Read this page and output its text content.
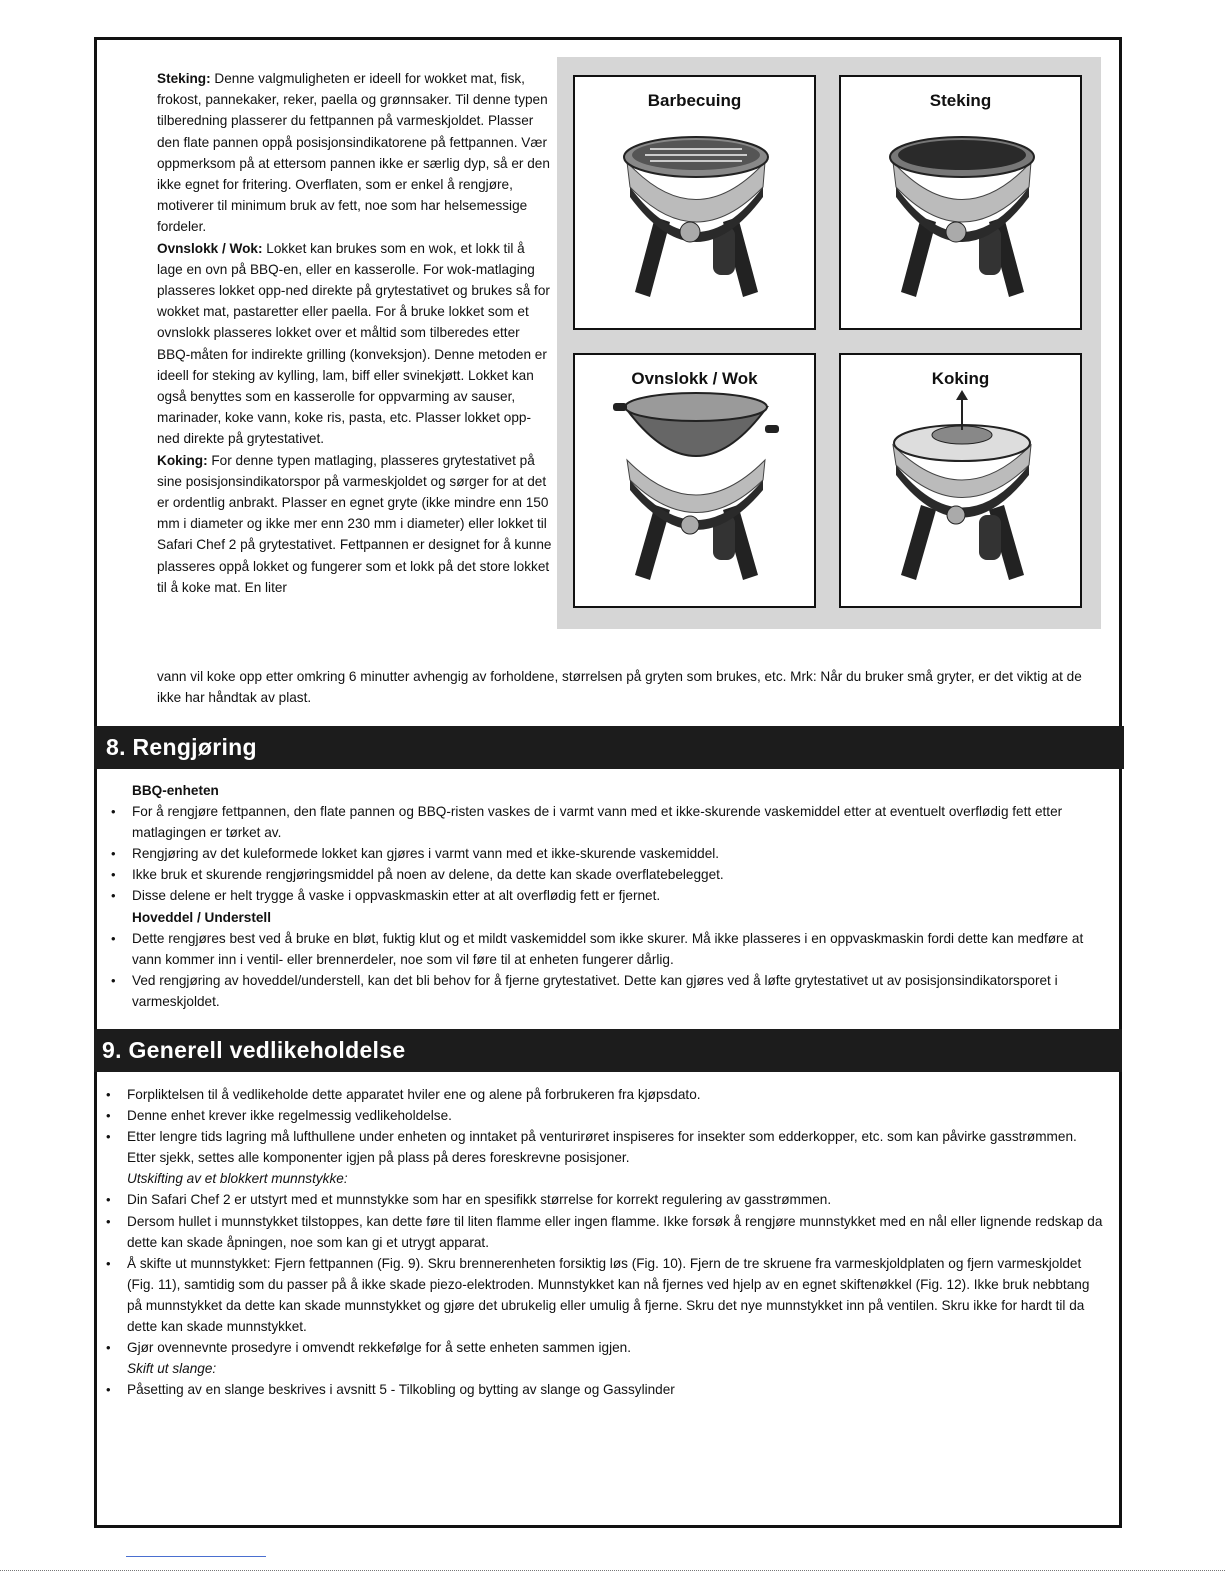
Steking: Denne valgmuligheten er ideell for wokket mat, fisk, frokost, pannekaker, reker, paella og grønnsaker. Til denne typen tilberedning plasserer du fettpannen på varmeskjoldet. Plasser den flate pannen oppå posisjonsindikatorene på fettpannen. Vær oppmerksom på at ettersom pannen ikke er særlig dyp, så er den ikke egnet for fritering. Overflaten, som er enkel å rengjøre, motiverer til minimum bruk av fett, noe som har helsemessige fordeler.

Ovnslokk / Wok: Lokket kan brukes som en wok, et lokk til å lage en ovn på BBQ-en, eller en kasserolle. For wok-matlaging plasseres lokket opp-ned direkte på grytestativet og brukes så for wokket mat, pastaretter eller paella. For å bruke lokket som et ovnslokk plasseres lokket over et måltid som tilberedes etter BBQ-måten for indirekte grilling (konveksjon). Denne metoden er ideell for steking av kylling, lam, biff eller svinekjøtt. Lokket kan også benyttes som en kasserolle for oppvarming av sauser, marinader, koke vann, koke ris, pasta, etc. Plasser lokket opp-ned direkte på grytestativet.

Koking: For denne typen matlaging, plasseres grytestativet på sine posisjonsindikatorspor på varmeskjoldet og sørger for at det er ordentlig anbrakt. Plasser en egnet gryte (ikke mindre enn 150 mm i diameter og ikke mer enn 230 mm i diameter) eller lokket til Safari Chef 2 på grytestativet. Fettpannen er designet for å kunne plasseres oppå lokket og fungerer som et lokk på det store lokket til å koke mat. En liter

vann vil koke opp etter omkring 6 minutter avhengig av forholdene, størrelsen på gryten som brukes, etc. Mrk: Når du bruker små gryter, er det viktig at de ikke har håndtak av plast.
Barbecuing	Steking
Ovnslokk / Wok	Koking
8. Rengjøring
BBQ-enheten
• For å rengjøre fettpannen, den flate pannen og BBQ-risten vaskes de i varmt vann med et ikke-skurende vaskemiddel etter at eventuelt overflødig fett etter matlagingen er tørket av.
• Rengjøring av det kuleformede lokket kan gjøres i varmt vann med et ikke-skurende vaskemiddel.
• Ikke bruk et skurende rengjøringsmiddel på noen av delene, da dette kan skade overflatebelegget.
• Disse delene er helt trygge å vaske i oppvaskmaskin etter at alt overflødig fett er fjernet.
Hoveddel / Understell
• Dette rengjøres best ved å bruke en bløt, fuktig klut og et mildt vaskemiddel som ikke skurer. Må ikke plasseres i en oppvaskmaskin fordi dette kan medføre at vann kommer inn i ventil- eller brennerdeler, noe som vil føre til at enheten fungerer dårlig.
• Ved rengjøring av hoveddel/understell, kan det bli behov for å fjerne grytestativet. Dette kan gjøres ved å løfte grytestativet ut av posisjonsindikatorsporet i varmeskjoldet.
9. Generell vedlikeholdelse
• Forpliktelsen til å vedlikeholde dette apparatet hviler ene og alene på forbrukeren fra kjøpsdato.
• Denne enhet krever ikke regelmessig vedlikeholdelse.
• Etter lengre tids lagring må lufthullene under enheten og inntaket på venturirøret inspiseres for insekter som edderkopper, etc. som kan påvirke gasstrømmen. Etter sjekk, settes alle komponenter igjen på plass på deres foreskrevne posisjoner.
Utskifting av et blokkert munnstykke:
• Din Safari Chef 2 er utstyrt med et munnstykke som har en spesifikk størrelse for korrekt regulering av gasstrømmen.
• Dersom hullet i munnstykket tilstoppes, kan dette føre til liten flamme eller ingen flamme. Ikke forsøk å rengjøre munnstykket med en nål eller lignende redskap da dette kan skade åpningen, noe som kan gi et utrygt apparat.
• Å skifte ut munnstykket: Fjern fettpannen (Fig. 9). Skru brennerenheten forsiktig løs (Fig. 10). Fjern de tre skruene fra varmeskjoldplaten og fjern varmeskjoldet (Fig. 11), samtidig som du passer på å ikke skade piezo-elektroden. Munnstykket kan nå fjernes ved hjelp av en egnet skiftenøkkel (Fig. 12). Ikke bruk nebbtang på munnstykket da dette kan skade munnstykket og gjøre det ubrukelig eller umulig å fjerne. Skru det nye munnstykket inn på ventilen. Skru ikke for hardt til da dette kan skade munnstykket.
• Gjør ovennevnte prosedyre i omvendt rekkefølge for å sette enheten sammen igjen.
Skift ut slange:
• Påsetting av en slange beskrives i avsnitt 5 - Tilkobling og bytting av slange og Gassylinder
